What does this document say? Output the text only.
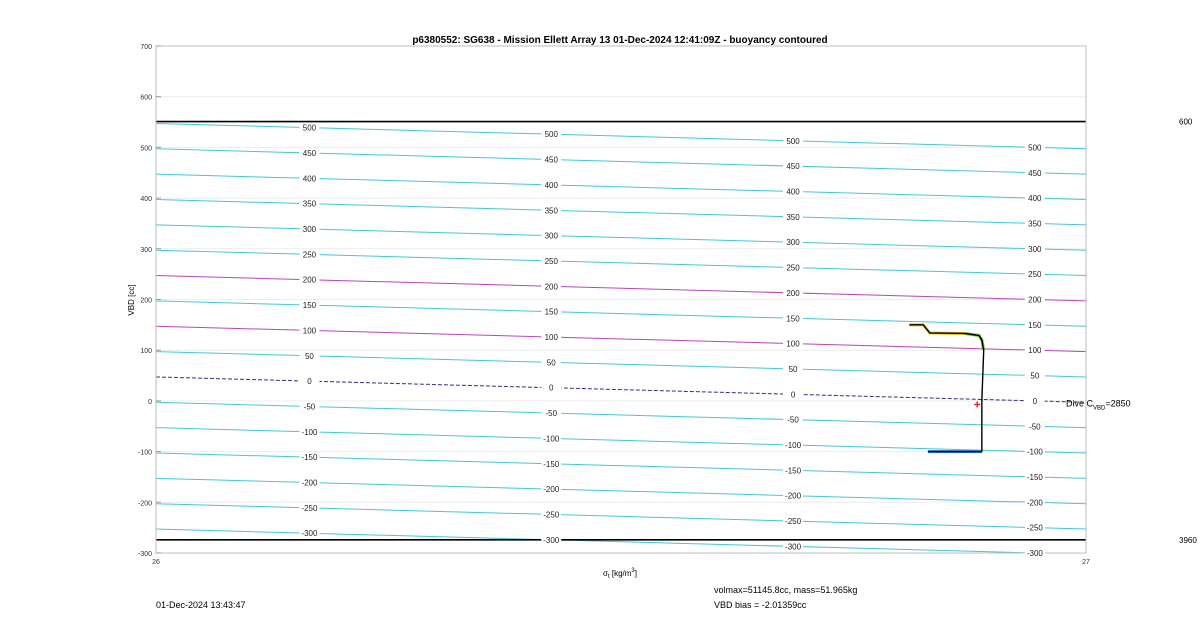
p6380552: SG638 - Mission Ellett Array 13 01-Dec-2024 12:41:09Z - buoyancy contoured
VBD [cc]
$\sigma_t$ $[kg/m^3]$
600
3960
700
600
500
400
300
200
100
0
-100
-200
-300
26	27
500
500
500
500
450
450
450
450
400
400
400
400
350
350
350
350
300
300
300
300
250
250
250
250
200
200
200
200
150
150
150
150
100
100
100
100
50
50
50
50
0
0
0
0
-50
-50
-50
-50
-100
-100
-100
-100
-150
-150
-150
-150
-200
-200
-200
-200
-250
-250
-250
-250
-300
-300
-300
-300
Dive $C_{VBD}=2850$
01-Dec-2024 13:43:47
volmax=51145.8cc, mass=51.965kg
VBD bias = -2.01359cc
